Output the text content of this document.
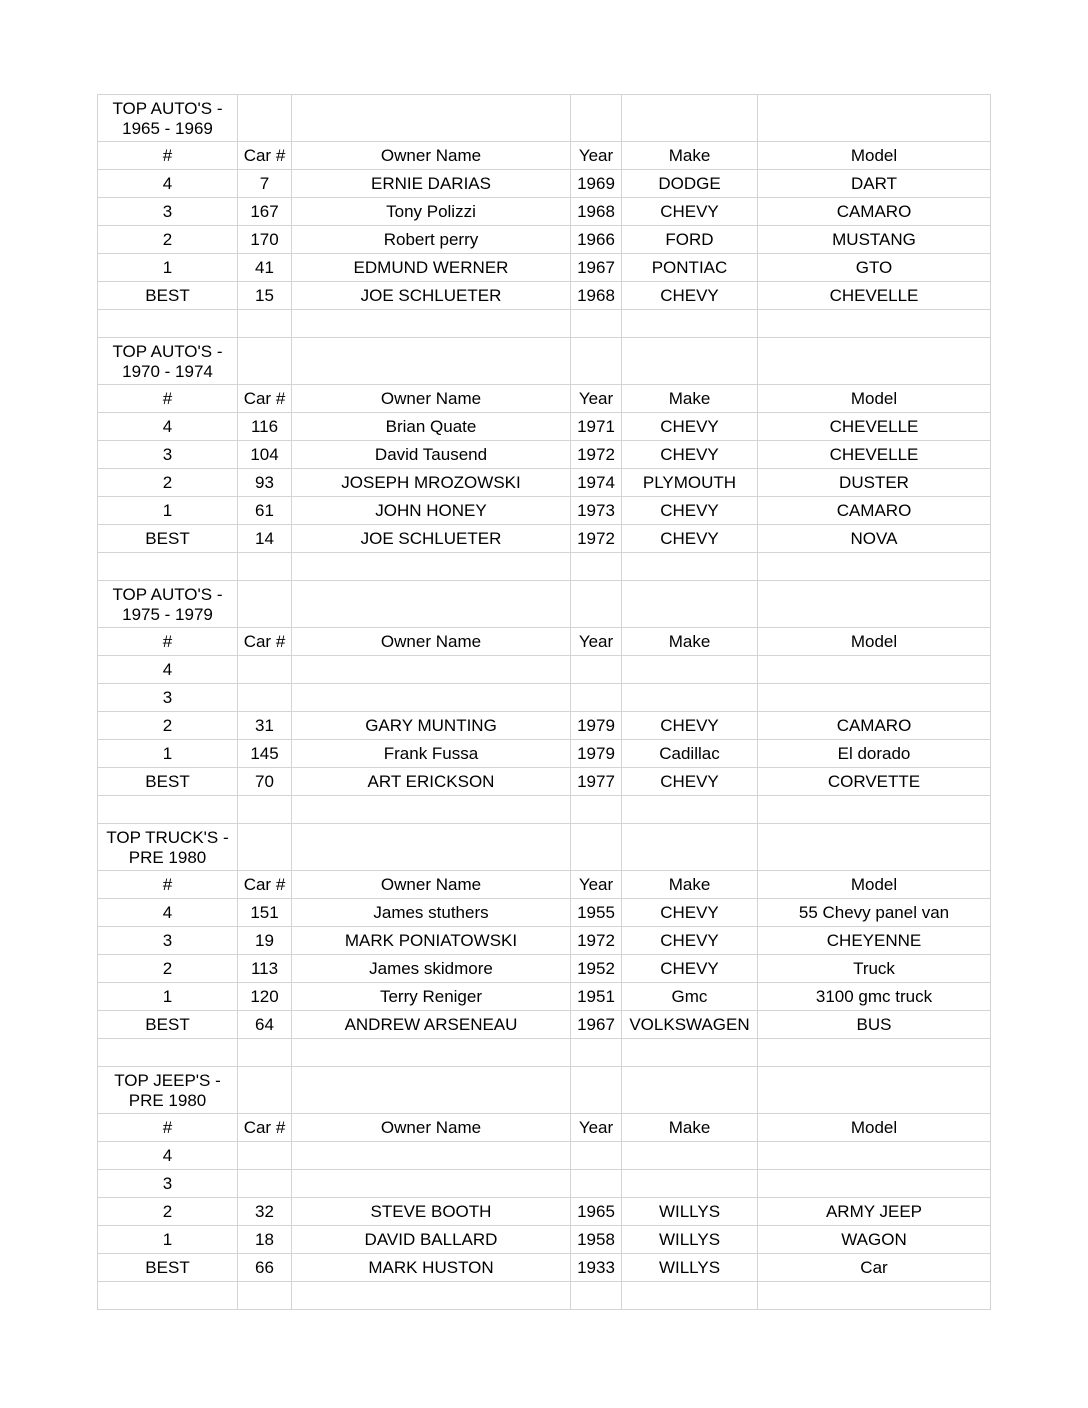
TOP AUTO'S - 1965 - 1969					
#	Car #	Owner Name	Year	Make	Model
4	7	ERNIE DARIAS	1969	DODGE	DART
3	167	Tony Polizzi	1968	CHEVY	CAMARO
2	170	Robert perry	1966	FORD	MUSTANG
1	41	EDMUND WERNER	1967	PONTIAC	GTO
BEST	15	JOE SCHLUETER	1968	CHEVY	CHEVELLE

TOP AUTO'S - 1970 - 1974					
#	Car #	Owner Name	Year	Make	Model
4	116	Brian Quate	1971	CHEVY	CHEVELLE
3	104	David Tausend	1972	CHEVY	CHEVELLE
2	93	JOSEPH MROZOWSKI	1974	PLYMOUTH	DUSTER
1	61	JOHN HONEY	1973	CHEVY	CAMARO
BEST	14	JOE SCHLUETER	1972	CHEVY	NOVA

TOP AUTO'S - 1975 - 1979					
#	Car #	Owner Name	Year	Make	Model
4					
3					
2	31	GARY MUNTING	1979	CHEVY	CAMARO
1	145	Frank Fussa	1979	Cadillac	El dorado
BEST	70	ART ERICKSON	1977	CHEVY	CORVETTE

TOP TRUCK'S - PRE 1980					
#	Car #	Owner Name	Year	Make	Model
4	151	James stuthers	1955	CHEVY	55 Chevy panel van
3	19	MARK PONIATOWSKI	1972	CHEVY	CHEYENNE
2	113	James skidmore	1952	CHEVY	Truck
1	120	Terry Reniger	1951	Gmc	3100 gmc truck
BEST	64	ANDREW ARSENEAU	1967	VOLKSWAGEN	BUS

TOP JEEP'S - PRE 1980					
#	Car #	Owner Name	Year	Make	Model
4					
3					
2	32	STEVE BOOTH	1965	WILLYS	ARMY JEEP
1	18	DAVID BALLARD	1958	WILLYS	WAGON
BEST	66	MARK HUSTON	1933	WILLYS	Car
